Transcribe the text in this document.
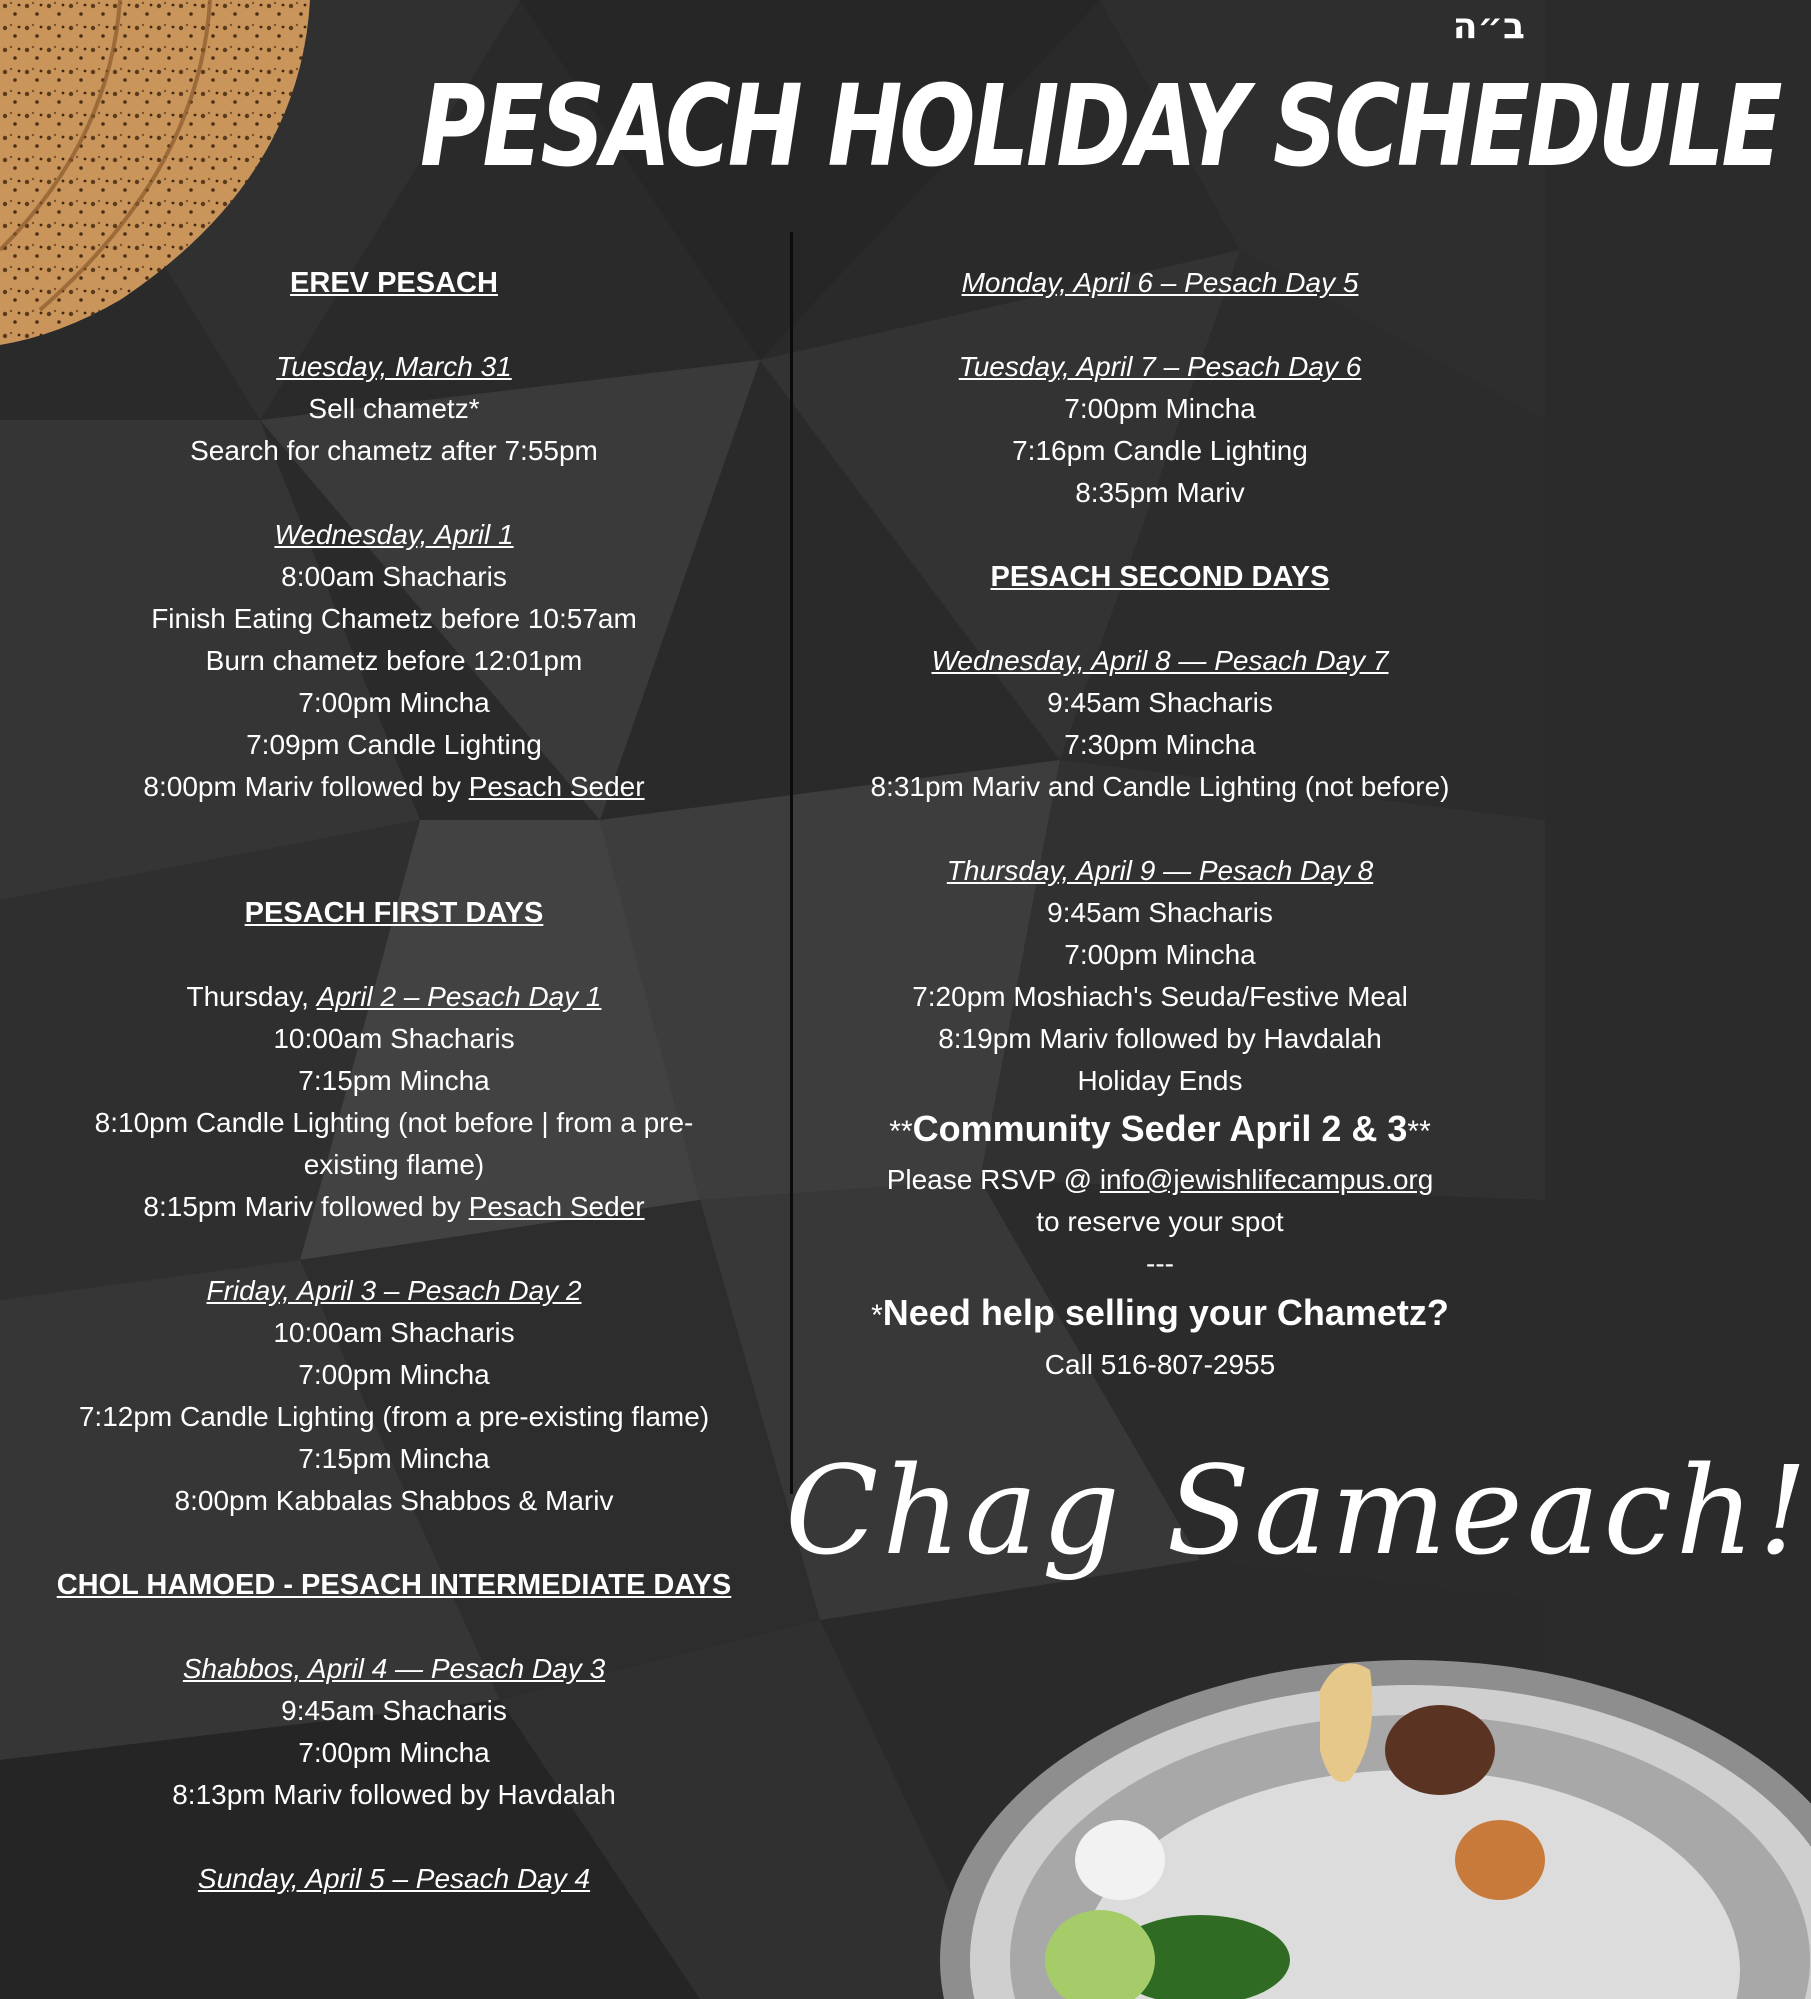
ב״ה
PESACH HOLIDAY SCHEDULE
EREV PESACH
Tuesday, March 31
Sell chametz*
Search for chametz after 7:55pm
Wednesday, April 1
8:00am Shacharis
Finish Eating Chametz before 10:57am
Burn chametz before 12:01pm
7:00pm Mincha
7:09pm Candle Lighting
8:00pm Mariv followed by Pesach Seder
PESACH FIRST DAYS
Thursday, April 2 – Pesach Day 1
10:00am Shacharis
7:15pm Mincha
8:10pm Candle Lighting (not before | from a pre-
existing flame)
8:15pm Mariv followed by Pesach Seder
Friday, April 3 – Pesach Day 2
10:00am Shacharis
7:00pm Mincha
7:12pm Candle Lighting (from a pre-existing flame)
7:15pm Mincha
8:00pm Kabbalas Shabbos & Mariv
CHOL HAMOED - PESACH INTERMEDIATE DAYS
Shabbos, April 4 — Pesach Day 3
9:45am Shacharis
7:00pm Mincha
8:13pm Mariv followed by Havdalah
Sunday, April 5 – Pesach Day 4
Monday, April 6 – Pesach Day 5
Tuesday, April 7 – Pesach Day 6
7:00pm Mincha
7:16pm Candle Lighting
8:35pm Mariv
PESACH SECOND DAYS
Wednesday, April 8 — Pesach Day 7
9:45am Shacharis
7:30pm Mincha
8:31pm Mariv and Candle Lighting (not before)
Thursday, April 9 — Pesach Day 8
9:45am Shacharis
7:00pm Mincha
7:20pm Moshiach's Seuda/Festive Meal
8:19pm Mariv followed by Havdalah
Holiday Ends
**Community Seder April 2 & 3**
Please RSVP @ info@jewishlifecampus.org
to reserve your spot
---
*Need help selling your Chametz?
Call 516-807-2955
Chag Sameach!
